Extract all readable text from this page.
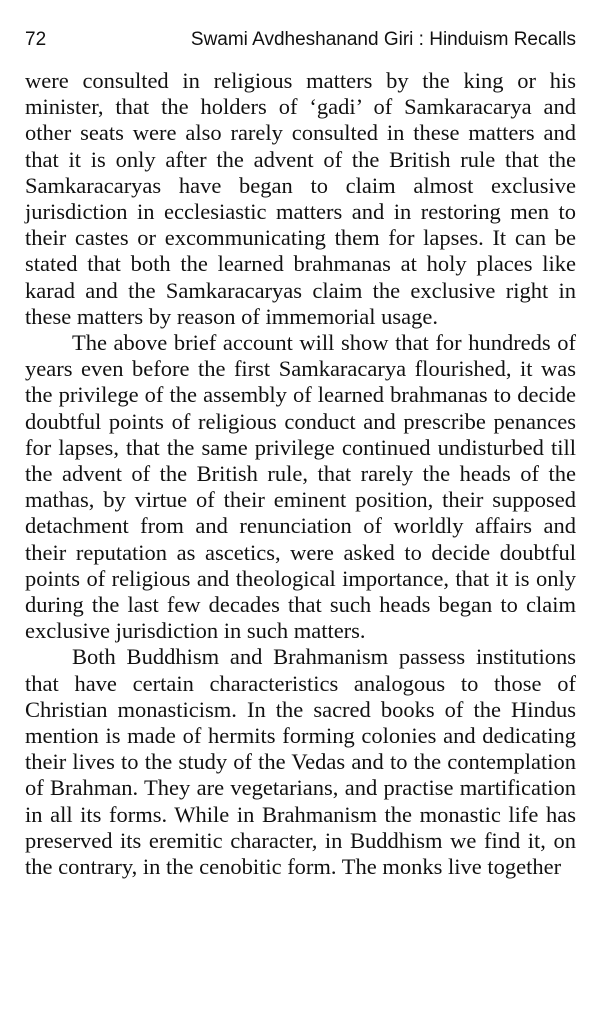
72	Swami Avdheshanand Giri : Hinduism Recalls

were consulted in religious matters by the king or his minister, that the holders of ‘gadi’ of Samkaracarya and other seats were also rarely consulted in these matters and that it is only after the advent of the British rule that the Samkaracaryas have began to claim almost exclusive jurisdiction in ecclesiastic matters and in restoring men to their castes or excommunicating them for lapses. It can be stated that both the learned brahmanas at holy places like karad and the Samkaracaryas claim the exclusive right in these matters by reason of immemorial usage.

The above brief account will show that for hundreds of years even before the first Samkaracarya flourished, it was the privilege of the assembly of learned brahmanas to decide doubtful points of religious conduct and prescribe penances for lapses, that the same privilege continued undisturbed till the advent of the British rule, that rarely the heads of the mathas, by virtue of their eminent position, their supposed detachment from and renunciation of worldly affairs and their reputation as ascetics, were asked to decide doubtful points of religious and theological importance, that it is only during the last few decades that such heads began to claim exclusive jurisdiction in such matters.

Both Buddhism and Brahmanism passess institutions that have certain characteristics analogous to those of Christian monasticism. In the sacred books of the Hindus mention is made of hermits forming colonies and dedicating their lives to the study of the Vedas and to the contemplation of Brahman. They are vegetarians, and practise martification in all its forms. While in Brahmanism the monastic life has preserved its eremitic character, in Buddhism we find it, on the contrary, in the cenobitic form. The monks live together
